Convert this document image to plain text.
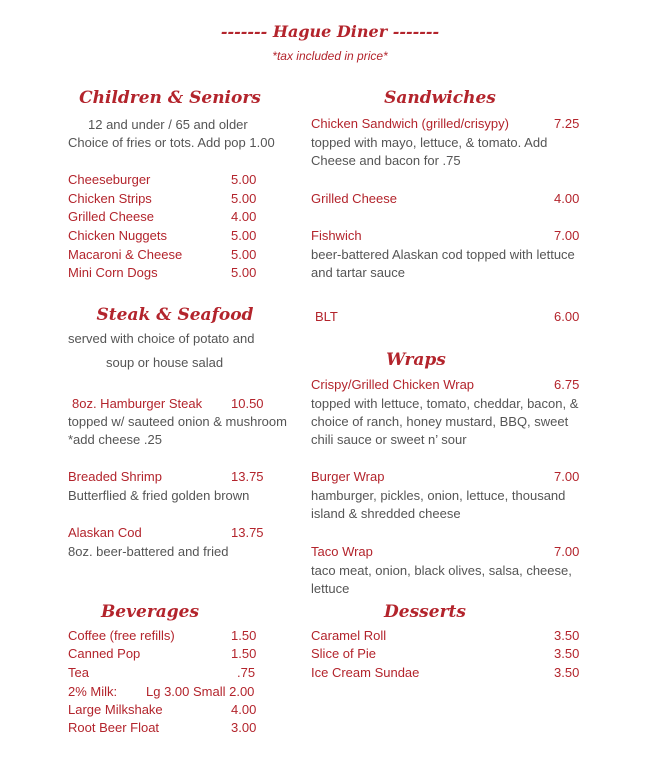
------- Hague Diner -------
*tax included in price*
Children & Seniors
12 and under / 65 and older
Choice of fries or tots. Add pop 1.00
Cheeseburger	5.00
Chicken Strips	5.00
Grilled Cheese	4.00
Chicken Nuggets	5.00
Macaroni & Cheese	5.00
Mini Corn Dogs	5.00
Steak & Seafood
served with choice of potato and
soup or house salad
8oz. Hamburger Steak 10.50
topped w/ sauteed onion & mushroom
*add cheese .25
Breaded Shrimp	13.75
Butterflied & fried golden brown
Alaskan Cod	13.75
8oz. beer-battered and fried
Beverages
Coffee (free refills)	1.50
Canned Pop	1.50
Tea	.75
2% Milk: Lg 3.00 Small 2.00
Large Milkshake	4.00
Root Beer Float	3.00
Sandwiches
Chicken Sandwich (grilled/crisypy)	7.25
topped with mayo, lettuce, & tomato. Add
Cheese and bacon for .75
Grilled Cheese	4.00
Fishwich	7.00
beer-battered Alaskan cod topped with lettuce
and tartar sauce
BLT	6.00
Wraps
Crispy/Grilled Chicken Wrap	6.75
topped with lettuce, tomato, cheddar, bacon, &
choice of ranch, honey mustard, BBQ, sweet
chili sauce or sweet n’ sour
Burger Wrap	7.00
hamburger, pickles, onion, lettuce, thousand
island & shredded cheese
Taco Wrap	7.00
taco meat, onion, black olives, salsa, cheese,
lettuce
Desserts
Caramel Roll	3.50
Slice of Pie	3.50
Ice Cream Sundae	3.50
